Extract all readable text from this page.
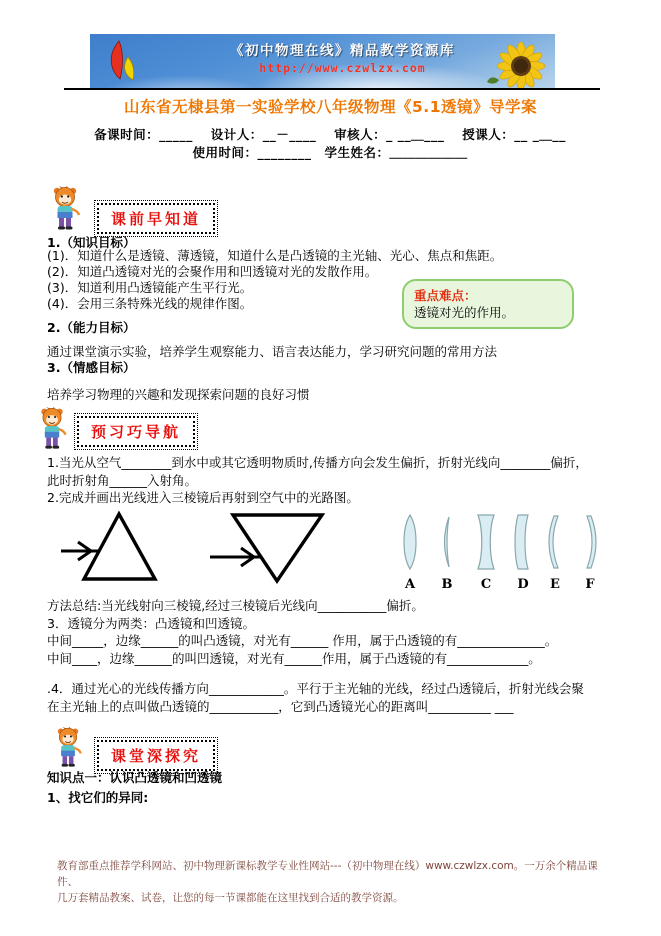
《初中物理在线》精品教学资源库
http://www.czwlzx.com
山东省无棣县第一实验学校八年级物理《5.1透镜》导学案
备课时间：_____　 设计人：__－____　 审核人：_ __＿___　 授课人：__ _＿__
使用时间：________　学生姓名：＿＿＿＿＿＿
课前早知道
1.（知识目标）
(1)．知道什么是透镜、薄透镜，知道什么是凸透镜的主光轴、光心、焦点和焦距。
(2)．知道凸透镜对光的会聚作用和凹透镜对光的发散作用。
(3)．知道利用凸透镜能产生平行光。
(4)．会用三条特殊光线的规律作图。
重点难点：
透镜对光的作用。
2.（能力目标）
通过课堂演示实验，培养学生观察能力、语言表达能力，学习研究问题的常用方法
3.（情感目标）
培养学习物理的兴趣和发现探索问题的良好习惯
预习巧导航
1.当光从空气________到水中或其它透明物质时,传播方向会发生偏折，折射光线向________偏折，
此时折射角______入射角。
2.完成并画出光线进入三棱镜后再射到空气中的光路图。
A B C D E F
方法总结:当光线射向三棱镜,经过三棱镜后光线向___________偏折。
3．透镜分为两类：凸透镜和凹透镜。
中间_____，边缘______的叫凸透镜，对光有______ 作用，属于凸透镜的有______________。
中间____，边缘______的叫凹透镜，对光有______作用，属于凸透镜的有_____________。
.4．通过光心的光线传播方向____________。平行于主光轴的光线，经过凸透镜后，折射光线会聚
在主光轴上的点叫做凸透镜的___________，它到凸透镜光心的距离叫__________ ___
课堂深探究
知识点一：认识凸透镜和凹透镜
1、找它们的异同:
教育部重点推荐学科网站、初中物理新课标教学专业性网站---（初中物理在线）www.czwlzx.com。一万余个精品课件、
几万套精品教案、试卷，让您的每一节课都能在这里找到合适的教学资源。
